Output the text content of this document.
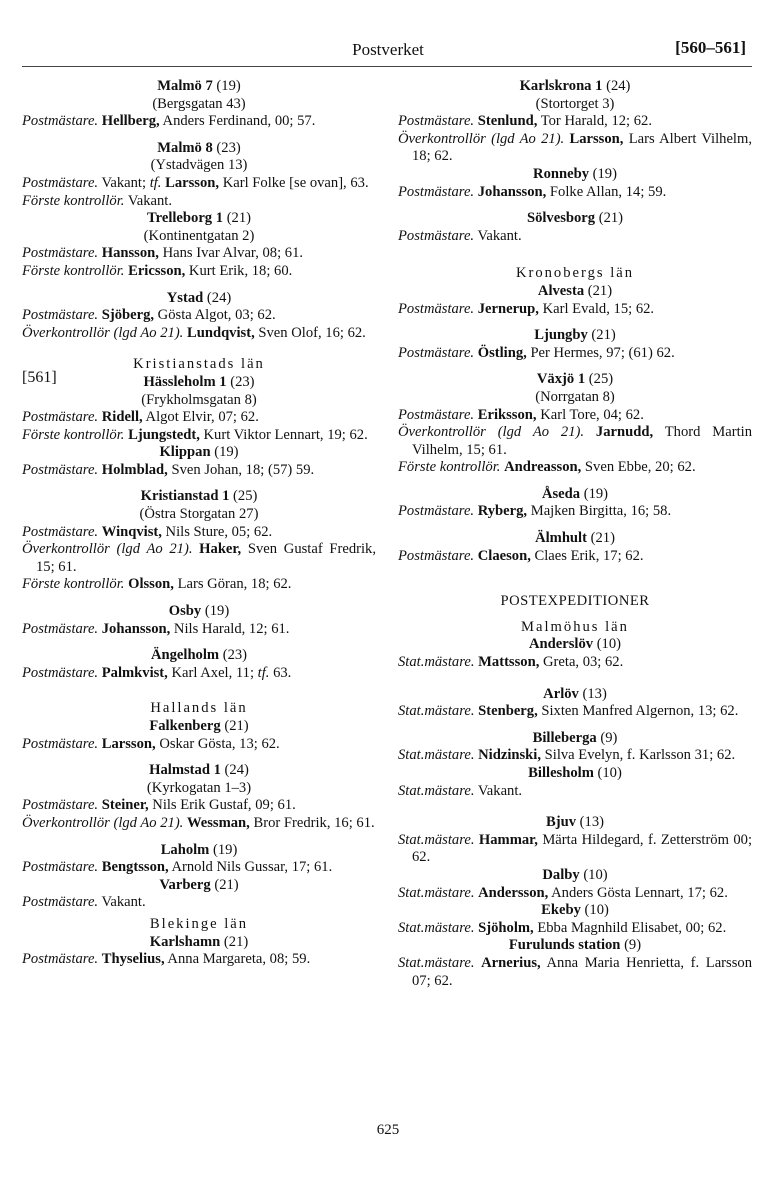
Postverket	[560–561]
Malmö 7 (19)
(Bergsgatan 43)
Postmästare. Hellberg, Anders Ferdinand, 00; 57.
Malmö 8 (23)
(Ystadvägen 13)
Postmästare. Vakant; tf. Larsson, Karl Folke [se ovan], 63.
Förste kontrollör. Vakant.
Trelleborg 1 (21)
(Kontinentgatan 2)
Postmästare. Hansson, Hans Ivar Alvar, 08; 61.
Förste kontrollör. Ericsson, Kurt Erik, 18; 60.
Ystad (24)
Postmästare. Sjöberg, Gösta Algot, 03; 62.
Överkontrollör (lgd Ao 21). Lundqvist, Sven Olof, 16; 62.
[561]
Kristianstads län
Hässleholm 1 (23)
(Frykholmsgatan 8)
Postmästare. Ridell, Algot Elvir, 07; 62.
Förste kontrollör. Ljungstedt, Kurt Viktor Lennart, 19; 62.
Klippan (19)
Postmästare. Holmblad, Sven Johan, 18; (57) 59.
Kristianstad 1 (25)
(Östra Storgatan 27)
Postmästare. Winqvist, Nils Sture, 05; 62.
Överkontrollör (lgd Ao 21). Haker, Sven Gustaf Fredrik, 15; 61.
Förste kontrollör. Olsson, Lars Göran, 18; 62.
Osby (19)
Postmästare. Johansson, Nils Harald, 12; 61.
Ängelholm (23)
Postmästare. Palmkvist, Karl Axel, 11; tf. 63.
Hallands län
Falkenberg (21)
Postmästare. Larsson, Oskar Gösta, 13; 62.
Halmstad 1 (24)
(Kyrkogatan 1–3)
Postmästare. Steiner, Nils Erik Gustaf, 09; 61.
Överkontrollör (lgd Ao 21). Wessman, Bror Fredrik, 16; 61.
Laholm (19)
Postmästare. Bengtsson, Arnold Nils Gussar, 17; 61.
Varberg (21)
Postmästare. Vakant.
Blekinge län
Karlshamn (21)
Postmästare. Thyselius, Anna Margareta, 08; 59.
Karlskrona 1 (24)
(Stortorget 3)
Postmästare. Stenlund, Tor Harald, 12; 62.
Överkontrollör (lgd Ao 21). Larsson, Lars Albert Vilhelm, 18; 62.
Ronneby (19)
Postmästare. Johansson, Folke Allan, 14; 59.
Sölvesborg (21)
Postmästare. Vakant.
Kronobergs län
Alvesta (21)
Postmästare. Jernerup, Karl Evald, 15; 62.
Ljungby (21)
Postmästare. Östling, Per Hermes, 97; (61) 62.
Växjö 1 (25)
(Norrgatan 8)
Postmästare. Eriksson, Karl Tore, 04; 62.
Överkontrollör (lgd Ao 21). Jarnudd, Thord Martin Vilhelm, 15; 61.
Förste kontrollör. Andreasson, Sven Ebbe, 20; 62.
Åseda (19)
Postmästare. Ryberg, Majken Birgitta, 16; 58.
Älmhult (21)
Postmästare. Claeson, Claes Erik, 17; 62.
POSTEXPEDITIONER
Malmöhus län
Anderslöv (10)
Stat.mästare. Mattsson, Greta, 03; 62.
Arlöv (13)
Stat.mästare. Stenberg, Sixten Manfred Algernon, 13; 62.
Billeberga (9)
Stat.mästare. Nidzinski, Silva Evelyn, f. Karlsson 31; 62.
Billesholm (10)
Stat.mästare. Vakant.
Bjuv (13)
Stat.mästare. Hammar, Märta Hildegard, f. Zetterström 00; 62.
Dalby (10)
Stat.mästare. Andersson, Anders Gösta Lennart, 17; 62.
Ekeby (10)
Stat.mästare. Sjöholm, Ebba Magnhild Elisabet, 00; 62.
Furulunds station (9)
Stat.mästare. Arnerius, Anna Maria Henrietta, f. Larsson 07; 62.
625
